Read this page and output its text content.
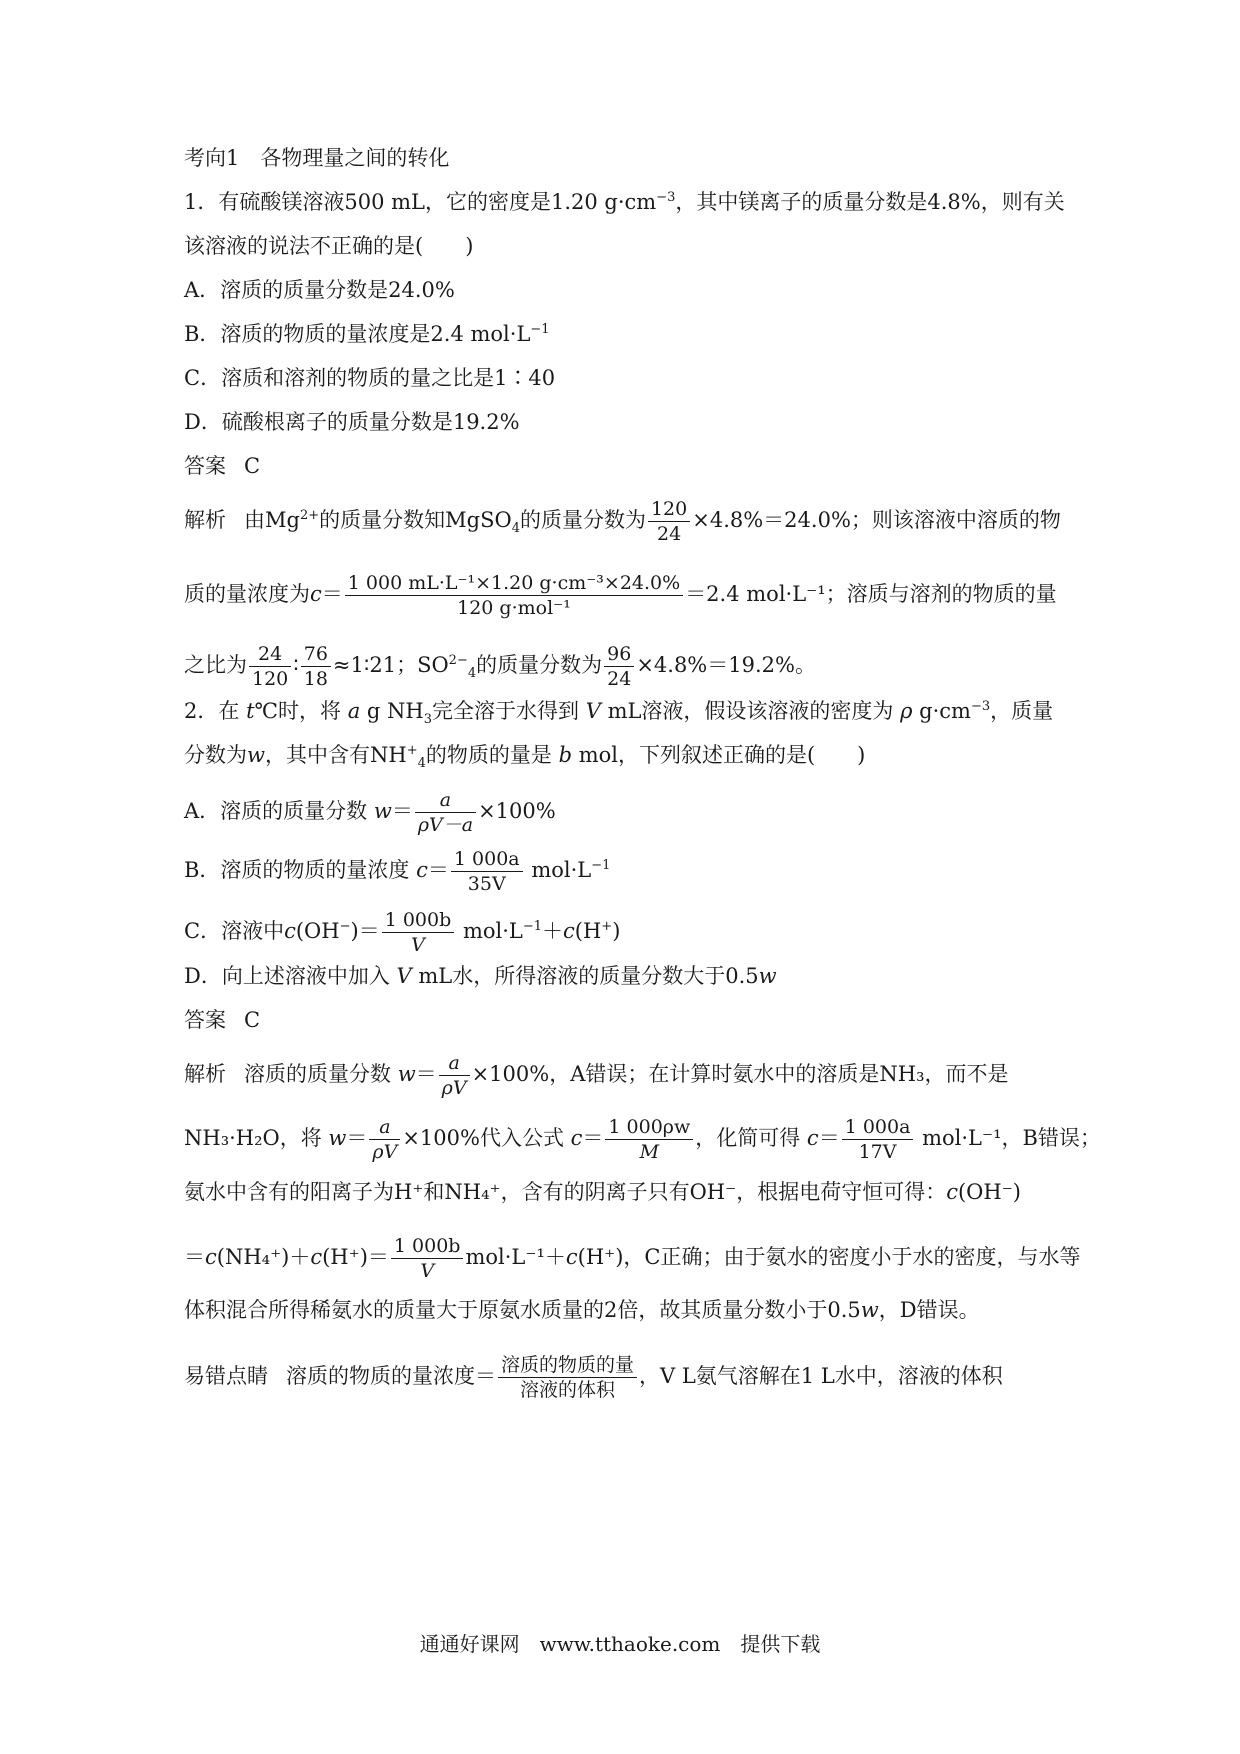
考向1　各物理量之间的转化
1．有硫酸镁溶液500 mL，它的密度是1.20 $g\cdot cm^{-3}$，其中镁离子的质量分数是4.8%，则有关
该溶液的说法不正确的是(　　)
A．溶质的质量分数是24.0%
B．溶质的物质的量浓度是2.4 $mol\cdot L^{-1}$
C．溶质和溶剂的物质的量之比是1∶40
D．硫酸根离子的质量分数是19.2%
答案 C
解析 由$Mg^{2+}$的质量分数知MgSO$_4$的质量分数为 $\frac{120}{24} \times 4.8\%=24.0\%$；则该溶液中溶质的物
质的量浓度为$c= \frac{\text{1 000 mL·L⁻¹×1.20 g·cm⁻³×24.0\%}}{\text{120 g·mol⁻¹}} =2.4$ mol·L⁻¹；溶质与溶剂的物质的量
之比为 $\frac{24}{120}$ ∶ $\frac{76}{18}$ ≈1∶21；$SO^{2-}_4$的质量分数为 $\frac{96}{24} \times 4.8\%=19.2\%$。
2．在 t℃时，将 a g $NH_3$完全溶于水得到 V mL溶液，假设该溶液的密度为 ρ $g\cdot cm^{-3}$，质量
分数为w，其中含有$NH^+_4$的物质的量是 b mol，下列叙述正确的是(　　)
A．溶质的质量分数 $w= \frac{a}{\rho V-a} \times 100\%$
B．溶质的物质的量浓度 $c= \frac{1 000a}{35V} mol\cdot L^{-1}$
C．溶液中$c(OH^-)= \frac{1 000b}{V} mol\cdot L^{-1}+c(H^+)$
D．向上述溶液中加入 V mL水，所得溶液的质量分数大于0.5w
答案 C
解析 溶质的质量分数 $w= \frac{a}{\rho V} \times 100\%$，A错误；在计算时氨水中的溶质是NH₃，而不是
NH₃·H₂O，将 $w= \frac{a}{\rho V} \times 100\%$代入公式 $c= \frac{1 000\rho w}{M}$ ，化简可得 $c= \frac{1 000a}{17V} mol\cdot L^{-1}$，B错误；
氨水中含有的阳离子为H⁺和NH₄⁺，含有的阴离子只有OH⁻，根据电荷守恒可得：c(OH⁻)
$=c(NH_4^+)+c(H^+)= \frac{1 000b}{V} mol\cdot L^{-1}+c(H^+)$，C正确；由于氨水的密度小于水的密度，与水等
体积混合所得稀氨水的质量大于原氨水质量的2倍，故其质量分数小于0.5w，D错误。
易错点睛 溶质的物质的量浓度＝ $\frac{\text{溶质的物质的量}}{\text{溶液的体积}}$ ，V L氨气溶解在1 L水中，溶液的体积
通通好课网　www.tthaoke.com　提供下载
